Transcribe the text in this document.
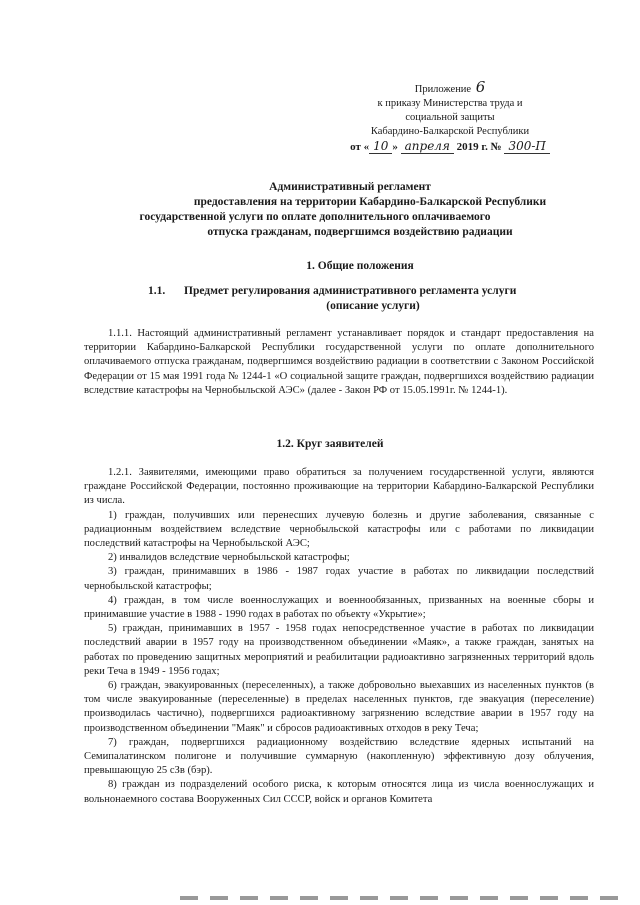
Приложение 6
к приказу Министерства труда и
социальной защиты
Кабардино-Балкарской Республики
от « 10 » апреля 2019 г. № 300-П
Административный регламент
предоставления на территории Кабардино-Балкарской Республики
государственной услуги по оплате дополнительного оплачиваемого
отпуска гражданам, подвергшимся воздействию радиации
1. Общие положения
1.1. Предмет регулирования административного регламента услуги
(описание услуги)

1.1.1. Настоящий административный регламент устанавливает порядок и стандарт предоставления на территории Кабардино-Балкарской Республики государственной услуги по оплате дополнительного оплачиваемого отпуска гражданам, подвергшимся воздействию радиации в соответствии с Законом Российской Федерации от 15 мая 1991 года № 1244-1 «О социальной защите граждан, подвергшихся воздействию радиации вследствие катастрофы на Чернобыльской АЭС» (далее - Закон РФ от 15.05.1991г. № 1244-1).

1.2. Круг заявителей

1.2.1. Заявителями, имеющими право обратиться за получением государственной услуги, являются граждане Российской Федерации, постоянно проживающие на территории Кабардино-Балкарской Республики из числа.

1) граждан, получивших или перенесших лучевую болезнь и другие заболевания, связанные с радиационным воздействием вследствие чернобыльской катастрофы или с работами по ликвидации последствий катастрофы на Чернобыльской АЭС;

2) инвалидов вследствие чернобыльской катастрофы;

3) граждан, принимавших в 1986 - 1987 годах участие в работах по ликвидации последствий чернобыльской катастрофы;

4) граждан, в том числе военнослужащих и военнообязанных, призванных на военные сборы и принимавшие участие в 1988 - 1990 годах в работах по объекту «Укрытие»;

5) граждан, принимавших в 1957 - 1958 годах непосредственное участие в работах по ликвидации последствий аварии в 1957 году на производственном объединении «Маяк», а также граждан, занятых на работах по проведению защитных мероприятий и реабилитации радиоактивно загрязненных территорий вдоль реки Теча в 1949 - 1956 годах;

6) граждан, эвакуированных (переселенных), а также добровольно выехавших из населенных пунктов (в том числе эвакуированные (переселенные) в пределах населенных пунктов, где эвакуация (переселение) производилась частично), подвергшихся радиоактивному загрязнению вследствие аварии в 1957 году на производственном объединении "Маяк" и сбросов радиоактивных отходов в реку Теча;

7) граждан, подвергшихся радиационному воздействию вследствие ядерных испытаний на Семипалатинском полигоне и получившие суммарную (накопленную) эффективную дозу облучения, превышающую 25 сЗв (бэр).

8) граждан из подразделений особого риска, к которым относятся лица из числа военнослужащих и вольнонаемного состава Вооруженных Сил СССР, войск и органов Комитета
